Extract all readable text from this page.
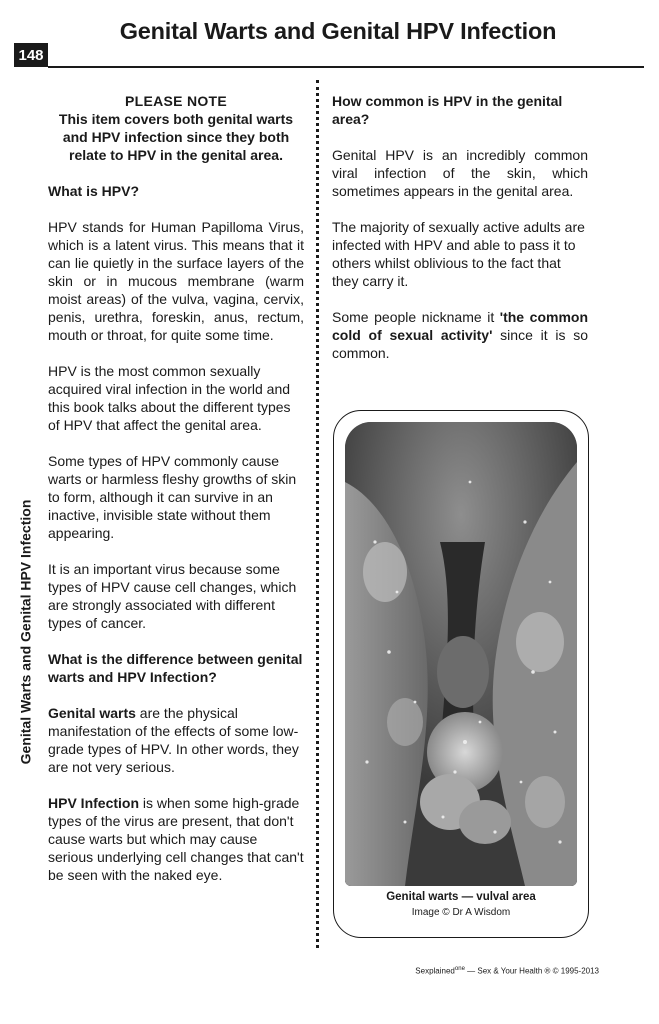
148
Genital Warts and Genital HPV Infection
Genital Warts and Genital HPV Infection
PLEASE NOTE
This item covers both genital warts and HPV infection since they both relate to HPV in the genital area.
What is HPV?

HPV stands for Human Papilloma Virus, which is a latent virus. This means that it can lie quietly in the surface layers of the skin or in mucous membrane (warm moist areas) of the vulva, vagina, cervix, penis, urethra, foreskin, anus, rectum, mouth or throat, for quite some time.

HPV is the most common sexually acquired viral infection in the world and this book talks about the different types of HPV that affect the genital area.

Some types of HPV commonly cause warts or harmless fleshy growths of skin to form, although it can survive in an inactive, invisible state without them appearing.

It is an important virus because some types of HPV cause cell changes, which are strongly associated with different types of cancer.

What is the difference between genital warts and HPV Infection?

Genital warts are the physical manifestation of the effects of some low-grade types of HPV. In other words, they are not very serious.

HPV Infection is when some high-grade types of the virus are present, that don't cause warts but which may cause serious underlying cell changes that can't be seen with the naked eye.

How common is HPV in the genital area?

Genital HPV is an incredibly common viral infection of the skin, which sometimes appears in the genital area.

The majority of sexually active adults are infected with HPV and able to pass it to others whilst oblivious to the fact that they carry it.

Some people nickname it 'the common cold of sexual activity' since it is so common.

Genital warts — vulval area
Image © Dr A Wisdom
Sexplained$^{one}$ — Sex & Your Health ® © 1995-2013
